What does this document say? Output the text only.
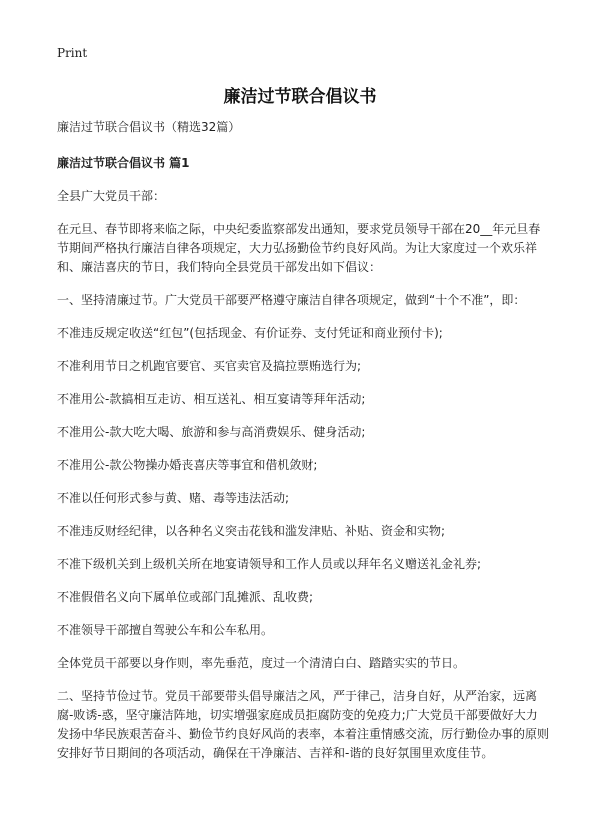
Print
廉洁过节联合倡议书

廉洁过节联合倡议书（精选32篇）

廉洁过节联合倡议书 篇1

全县广大党员干部：

在元旦、春节即将来临之际，中央纪委监察部发出通知，要求党员领导干部在20__年元旦春节期间严格执行廉洁自律各项规定，大力弘扬勤俭节约良好风尚。为让大家度过一个欢乐祥和、廉洁喜庆的节日，我们特向全县党员干部发出如下倡议：

一、坚持清廉过节。广大党员干部要严格遵守廉洁自律各项规定，做到“十个不准”，即：

不准违反规定收送“红包”(包括现金、有价证券、支付凭证和商业预付卡);

不准利用节日之机跑官要官、买官卖官及搞拉票贿选行为;

不准用公-款搞相互走访、相互送礼、相互宴请等拜年活动;

不准用公-款大吃大喝、旅游和参与高消费娱乐、健身活动;

不准用公-款公物操办婚丧喜庆等事宜和借机敛财;

不准以任何形式参与黄、赌、毒等违法活动;

不准违反财经纪律，以各种名义突击花钱和滥发津贴、补贴、资金和实物;

不准下级机关到上级机关所在地宴请领导和工作人员或以拜年名义赠送礼金礼券;

不准假借名义向下属单位或部门乱摊派、乱收费;

不准领导干部擅自驾驶公车和公车私用。

全体党员干部要以身作则，率先垂范，度过一个清清白白、踏踏实实的节日。

二、坚持节俭过节。党员干部要带头倡导廉洁之风，严于律己，洁身自好，从严治家，远离腐-败诱-惑，坚守廉洁阵地，切实增强家庭成员拒腐防变的免疫力;广大党员干部要做好大力发扬中华民族艰苦奋斗、勤俭节约良好风尚的表率，本着注重情感交流，厉行勤俭办事的原则安排好节日期间的各项活动，确保在干净廉洁、吉祥和-谐的良好氛围里欢度佳节。
